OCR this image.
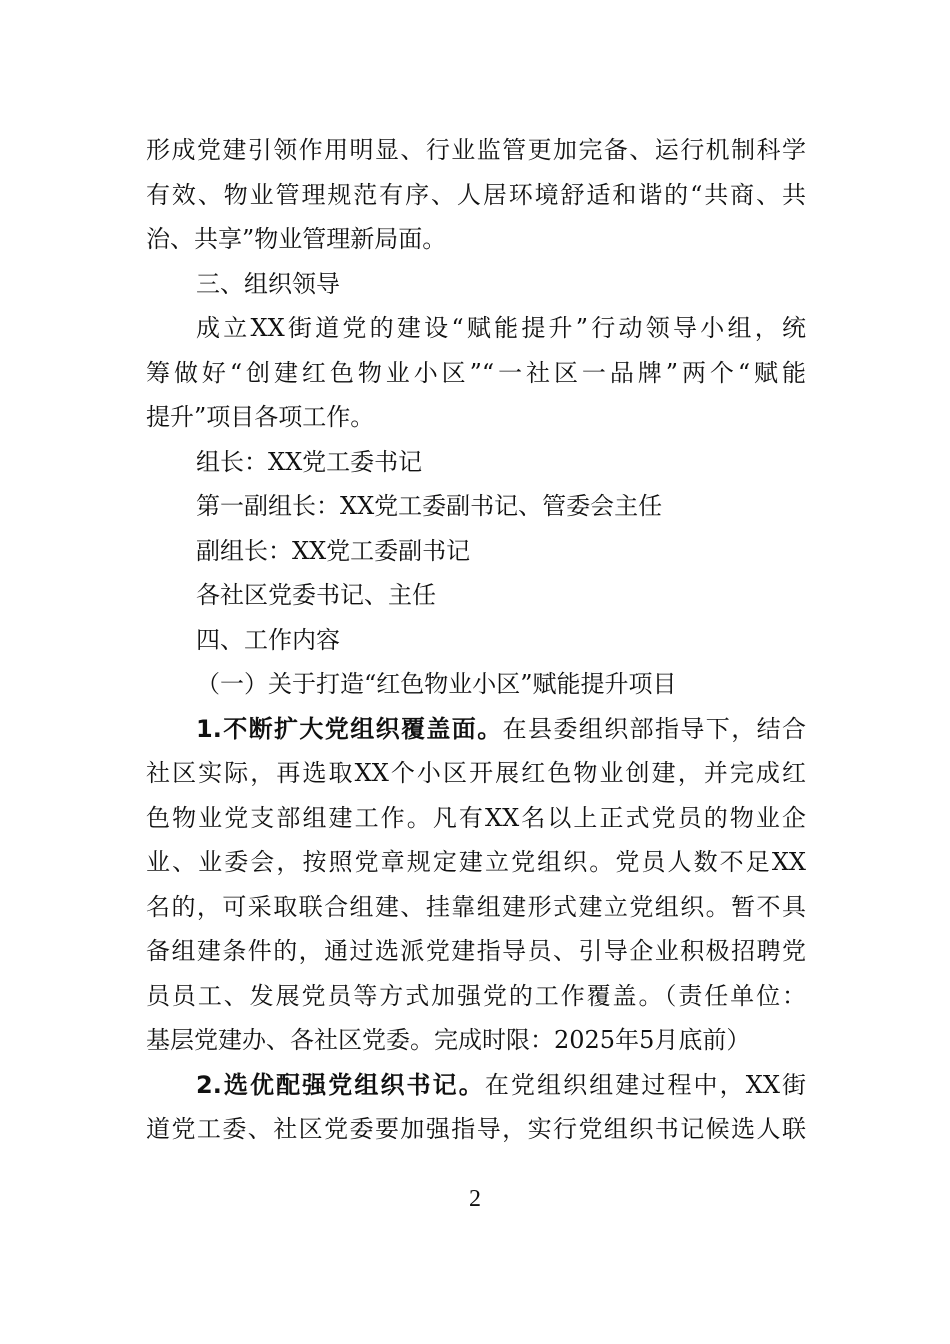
形成党建引领作用明显、行业监管更加完备、运行机制科学
有效、物业管理规范有序、人居环境舒适和谐的“共商、共
治、共享”物业管理新局面。
三、组织领导
成立XX街道党的建设“赋能提升”行动领导小组，统
筹做好“创建红色物业小区”“一社区一品牌”两个“赋能
提升”项目各项工作。
组长：XX党工委书记
第一副组长：XX党工委副书记、管委会主任
副组长：XX党工委副书记
各社区党委书记、主任
四、工作内容
（一）关于打造“红色物业小区”赋能提升项目
1.不断扩大党组织覆盖面。在县委组织部指导下，结合
社区实际，再选取XX个小区开展红色物业创建，并完成红
色物业党支部组建工作。凡有XX名以上正式党员的物业企
业、业委会，按照党章规定建立党组织。党员人数不足XX
名的，可采取联合组建、挂靠组建形式建立党组织。暂不具
备组建条件的，通过选派党建指导员、引导企业积极招聘党
员员工、发展党员等方式加强党的工作覆盖。（责任单位：
基层党建办、各社区党委。完成时限：2025年5月底前）
2.选优配强党组织书记。在党组织组建过程中，XX街
道党工委、社区党委要加强指导，实行党组织书记候选人联
2
